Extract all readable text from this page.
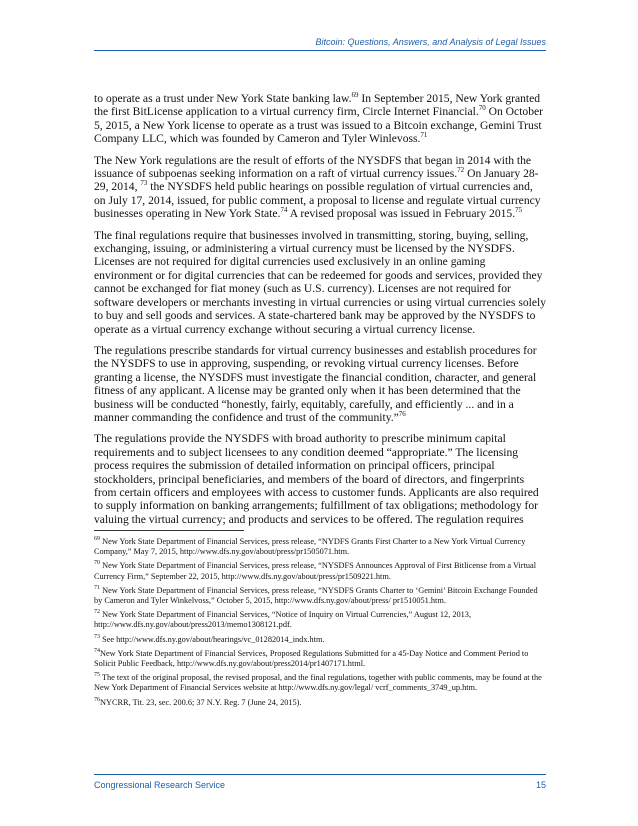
Bitcoin: Questions, Answers, and Analysis of Legal Issues

to operate as a trust under New York State banking law.$^{69}$ In September 2015, New York granted the first BitLicense application to a virtual currency firm, Circle Internet Financial.$^{70}$ On October 5, 2015, a New York license to operate as a trust was issued to a Bitcoin exchange, Gemini Trust Company LLC, which was founded by Cameron and Tyler Winlevoss.$^{71}$

The New York regulations are the result of efforts of the NYSDFS that began in 2014 with the issuance of subpoenas seeking information on a raft of virtual currency issues.$^{72}$ On January 28-29, 2014, $^{73}$ the NYSDFS held public hearings on possible regulation of virtual currencies and, on July 17, 2014, issued, for public comment, a proposal to license and regulate virtual currency businesses operating in New York State.$^{74}$ A revised proposal was issued in February 2015.75

The final regulations require that businesses involved in transmitting, storing, buying, selling, exchanging, issuing, or administering a virtual currency must be licensed by the NYSDFS. Licenses are not required for digital currencies used exclusively in an online gaming environment or for digital currencies that can be redeemed for goods and services, provided they cannot be exchanged for fiat money (such as U.S. currency). Licenses are not required for software developers or merchants investing in virtual currencies or using virtual currencies solely to buy and sell goods and services. A state-chartered bank may be approved by the NYSDFS to operate as a virtual currency exchange without securing a virtual currency license.

The regulations prescribe standards for virtual currency businesses and establish procedures for the NYSDFS to use in approving, suspending, or revoking virtual currency licenses. Before granting a license, the NYSDFS must investigate the financial condition, character, and general fitness of any applicant. A license may be granted only when it has been determined that the business will be conducted “honestly, fairly, equitably, carefully, and efficiently ... and in a manner commanding the confidence and trust of the community.”$^{76}$

The regulations provide the NYSDFS with broad authority to prescribe minimum capital requirements and to subject licensees to any condition deemed “appropriate.” The licensing process requires the submission of detailed information on principal officers, principal stockholders, principal beneficiaries, and members of the board of directors, and fingerprints from certain officers and employees with access to customer funds. Applicants are also required to supply information on banking arrangements; fulfillment of tax obligations; methodology for valuing the virtual currency; and products and services to be offered. The regulation requires

$^{69}$ New York State Department of Financial Services, press release, “NYDFS Grants First Charter to a New York Virtual Currency Company,” May 7, 2015, http://www.dfs.ny.gov/about/press/pr1505071.htm.

$^{70}$ New York State Department of Financial Services, press release, “NYSDFS Announces Approval of First Bitlicense from a Virtual Currency Firm,” September 22, 2015, http://www.dfs.ny.gov/about/press/pr1509221.htm.

$^{71}$ New York State Department of Financial Services, press release, “NYSDFS Grants Charter to ‘Gemini’ Bitcoin Exchange Founded by Cameron and Tyler Winkelvoss,” October 5, 2015, http://www.dfs.ny.gov/about/press/ pr1510051.htm.

$^{72}$ New York State Department of Financial Services, “Notice of Inquiry on Virtual Currencies,” August 12, 2013, http://www.dfs.ny.gov/about/press2013/memo1308121.pdf.

$^{73}$ See http://www.dfs.ny.gov/about/hearings/vc_01282014_indx.htm.

$^{74}$New York State Department of Financial Services, Proposed Regulations Submitted for a 45-Day Notice and Comment Period to Solicit Public Feedback, http://www.dfs.ny.gov/about/press2014/pr1407171.html.

$^{75}$ The text of the original proposal, the revised proposal, and the final regulations, together with public comments, may be found at the New York Department of Financial Services website at http://www.dfs.ny.gov/legal/ vcrf_comments_3749_up.htm.

$^{76}$NYCRR, Tit. 23, sec. 200.6; 37 N.Y. Reg. 7 (June 24, 2015).

Congressional Research Service	15
